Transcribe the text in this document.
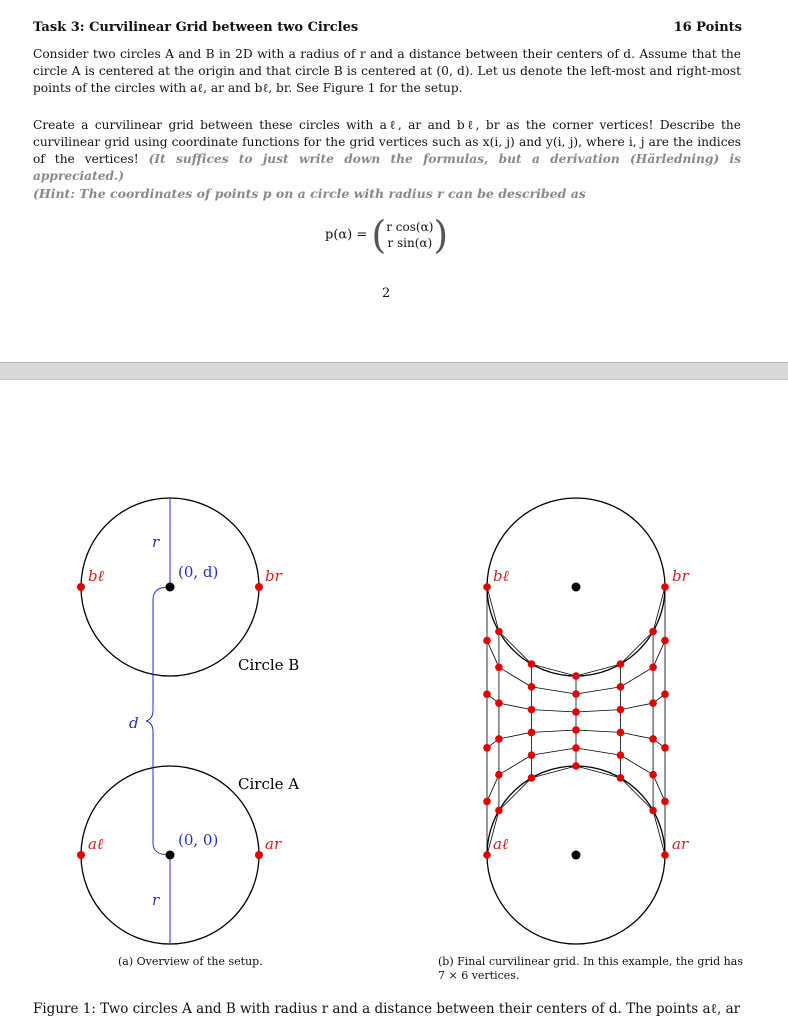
Task 3: Curvilinear Grid between two Circles	16 Points
Consider two circles A and B in 2D with a radius of r and a distance between their centers of d. Assume that the circle A is centered at the origin and that circle B is centered at (0, d). Let us denote the left-most and right-most points of the circles with aℓ, ar and bℓ, br. See Figure 1 for the setup.
Create a curvilinear grid between these circles with aℓ, ar and bℓ, br as the corner vertices! Describe the curvilinear grid using coordinate functions for the grid vertices such as x(i, j) and y(i, j), where i, j are the indices of the vertices! (It suffices to just write down the formulas, but a derivation (Härledning) is appreciated.)
(Hint: The coordinates of points p on a circle with radius r can be described as
p(α) = (r cos(α)
r sin(α))
2
r
r
d
bℓ	br
aℓ	ar
(0, d)
(0, 0)
Circle B
Circle A
bℓ	br
aℓ	ar
(a) Overview of the setup.	(b) Final curvilinear grid. In this example, the grid has 7 × 6 vertices.
Figure 1: Two circles A and B with radius r and a distance between their centers of d. The points aℓ, ar
